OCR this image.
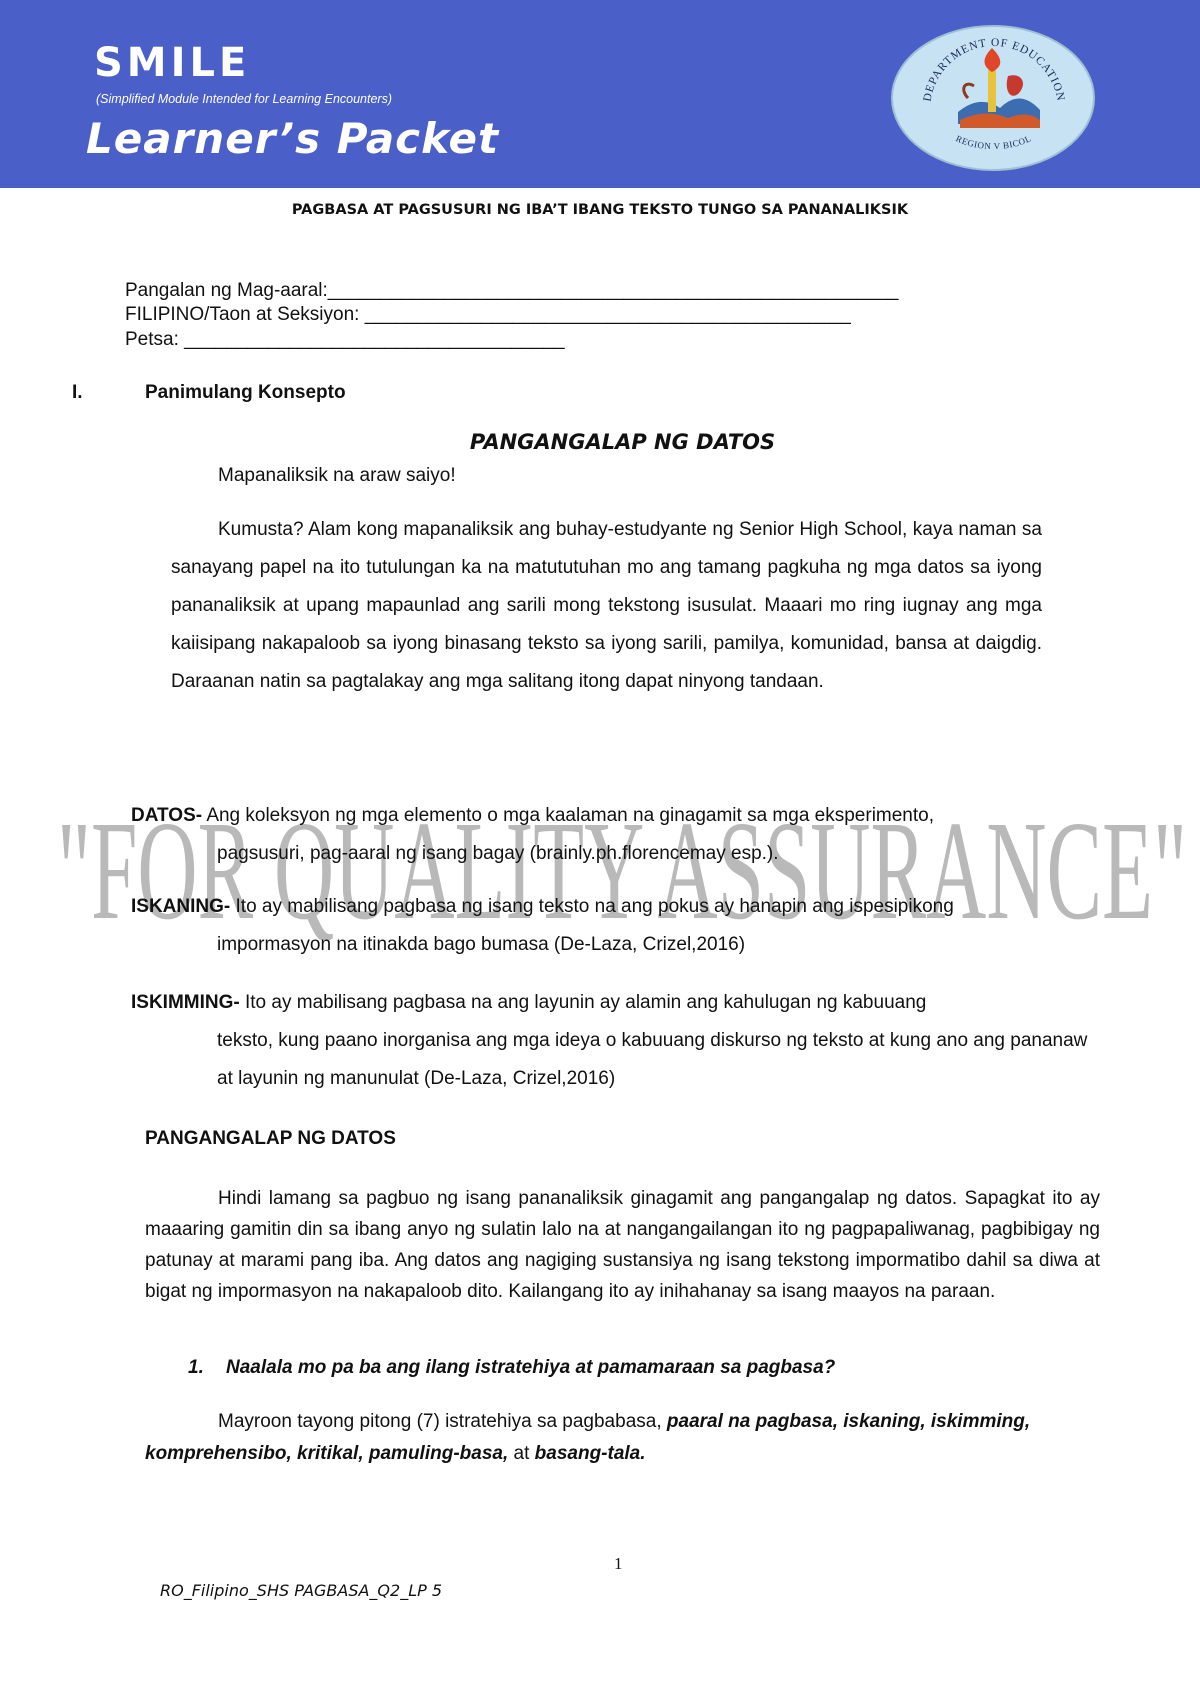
SMILE
(Simplified Module Intended for Learning Encounters)
Learner’s Packet
DEPARTMENT OF EDUCATION
REGION V BICOL
PAGBASA AT PAGSUSURI NG IBA’T IBANG TEKSTO TUNGO SA PANANALIKSIK
Pangalan ng Mag-aaral:______________________________________________________
FILIPINO/Taon at Seksiyon: ______________________________________________
Petsa: ____________________________________
I.	Panimulang Konsepto
PANGANGALAP NG DATOS
Mapanaliksik na araw saiyo!

Kumusta? Alam kong mapanaliksik ang buhay-estudyante ng Senior High School, kaya naman sa sanayang papel na ito tutulungan ka na matututuhan mo ang tamang pagkuha ng mga datos sa iyong pananaliksik at upang mapaunlad ang sarili mong tekstong isusulat. Maaari mo ring iugnay ang mga kaiisipang nakapaloob sa iyong binasang teksto sa iyong sarili, pamilya, komunidad, bansa at daigdig. Daraanan natin sa pagtalakay ang mga salitang itong dapat ninyong tandaan.

"FOR QUALITY ASSURANCE"
DATOS- Ang koleksyon ng mga elemento o mga kaalaman na ginagamit sa mga eksperimento,
pagsusuri, pag-aaral ng isang bagay (brainly.ph.florencemay esp.).
ISKANING- Ito ay mabilisang pagbasa ng isang teksto na ang pokus ay hanapin ang ispesipikong
impormasyon na itinakda bago bumasa (De-Laza, Crizel,2016)
ISKIMMING- Ito ay mabilisang pagbasa na ang layunin ay alamin ang kahulugan ng kabuuang
teksto, kung paano inorganisa ang mga ideya o kabuuang diskurso ng teksto at kung ano ang pananaw at layunin ng manunulat (De-Laza, Crizel,2016)
PANGANGALAP NG DATOS

Hindi lamang sa pagbuo ng isang pananaliksik ginagamit ang pangangalap ng datos. Sapagkat ito ay maaaring gamitin din sa ibang anyo ng sulatin lalo na at nangangailangan ito ng pagpapaliwanag, pagbibigay ng patunay at marami pang iba. Ang datos ang nagiging sustansiya ng isang tekstong impormatibo dahil sa diwa at bigat ng impormasyon na nakapaloob dito. Kailangang ito ay inihahanay sa isang maayos na paraan.

1. Naalala mo pa ba ang ilang istratehiya at pamamaraan sa pagbasa?

Mayroon tayong pitong (7) istratehiya sa pagbabasa, paaral na pagbasa, iskaning, iskimming, komprehensibo, kritikal, pamuling-basa, at basang-tala.

1
RO_Filipino_SHS PAGBASA_Q2_LP 5
